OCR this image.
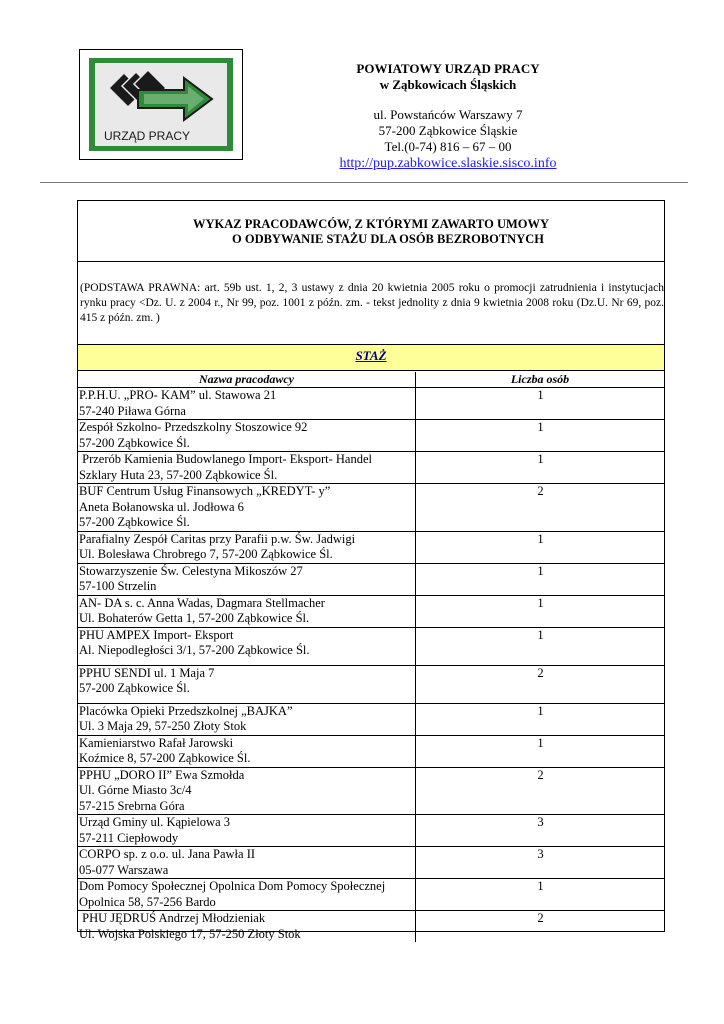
URZĄD PRACY
POWIATOWY URZĄD PRACY
w Ząbkowicach Śląskich
ul. Powstańców Warszawy 7
57-200 Ząbkowice Śląskie
Tel.(0-74) 816 – 67 – 00
http://pup.zabkowice.slaskie.sisco.info
WYKAZ PRACODAWCÓW, Z KTÓRYMI ZAWARTO UMOWY
O ODBYWANIE STAŻU DLA OSÓB BEZROBOTNYCH
(PODSTAWA PRAWNA: art. 59b ust. 1, 2, 3 ustawy z dnia 20 kwietnia 2005 roku o promocji zatrudnienia i instytucjach rynku pracy <Dz. U. z 2004 r., Nr 99, poz. 1001 z późn. zm. - tekst jednolity z dnia 9 kwietnia 2008 roku (Dz.U. Nr 69, poz. 415 z późn. zm. )
STAŻ
Nazwa pracodawcy	Liczba osób

P.P.H.U. „PRO- KAM” ul. Stawowa 21
57-240 Piława Górna	1

Zespół Szkolno- Przedszkolny Stoszowice 92
57-200 Ząbkowice Śl.	1

Przerób Kamienia Budowlanego Import- Eksport- Handel
Szklary Huta 23, 57-200 Ząbkowice Śl.	1

BUF Centrum Usług Finansowych „KREDYT- y”
Aneta Bołanowska ul. Jodłowa 6
57-200 Ząbkowice Śl.	2

Parafialny Zespół Caritas przy Parafii p.w. Św. Jadwigi
Ul. Bolesława Chrobrego 7, 57-200 Ząbkowice Śl.	1

Stowarzyszenie Św. Celestyna Mikoszów 27
57-100 Strzelin	1

AN- DA s. c. Anna Wadas, Dagmara Stellmacher
Ul. Bohaterów Getta 1, 57-200 Ząbkowice Śl.	1

PHU AMPEX Import- Eksport
Al. Niepodległości 3/1, 57-200 Ząbkowice Śl.	1

PPHU SENDI ul. 1 Maja 7
57-200 Ząbkowice Śl.	2

Placówka Opieki Przedszkolnej „BAJKA”
Ul. 3 Maja 29, 57-250 Złoty Stok	1

Kamieniarstwo Rafał Jarowski
Koźmice 8, 57-200 Ząbkowice Śl.	1

PPHU „DORO II” Ewa Szmołda
Ul. Górne Miasto 3c/4
57-215 Srebrna Góra	2

Urząd Gminy ul. Kąpielowa 3
57-211 Ciepłowody	3

CORPO sp. z o.o. ul. Jana Pawła II
05-077 Warszawa	3

Dom Pomocy Społecznej Opolnica Dom Pomocy Społecznej
Opolnica 58, 57-256 Bardo	1

PHU JĘDRUŚ Andrzej Młodzieniak
Ul. Wojska Polskiego 17, 57-250 Złoty Stok	2
